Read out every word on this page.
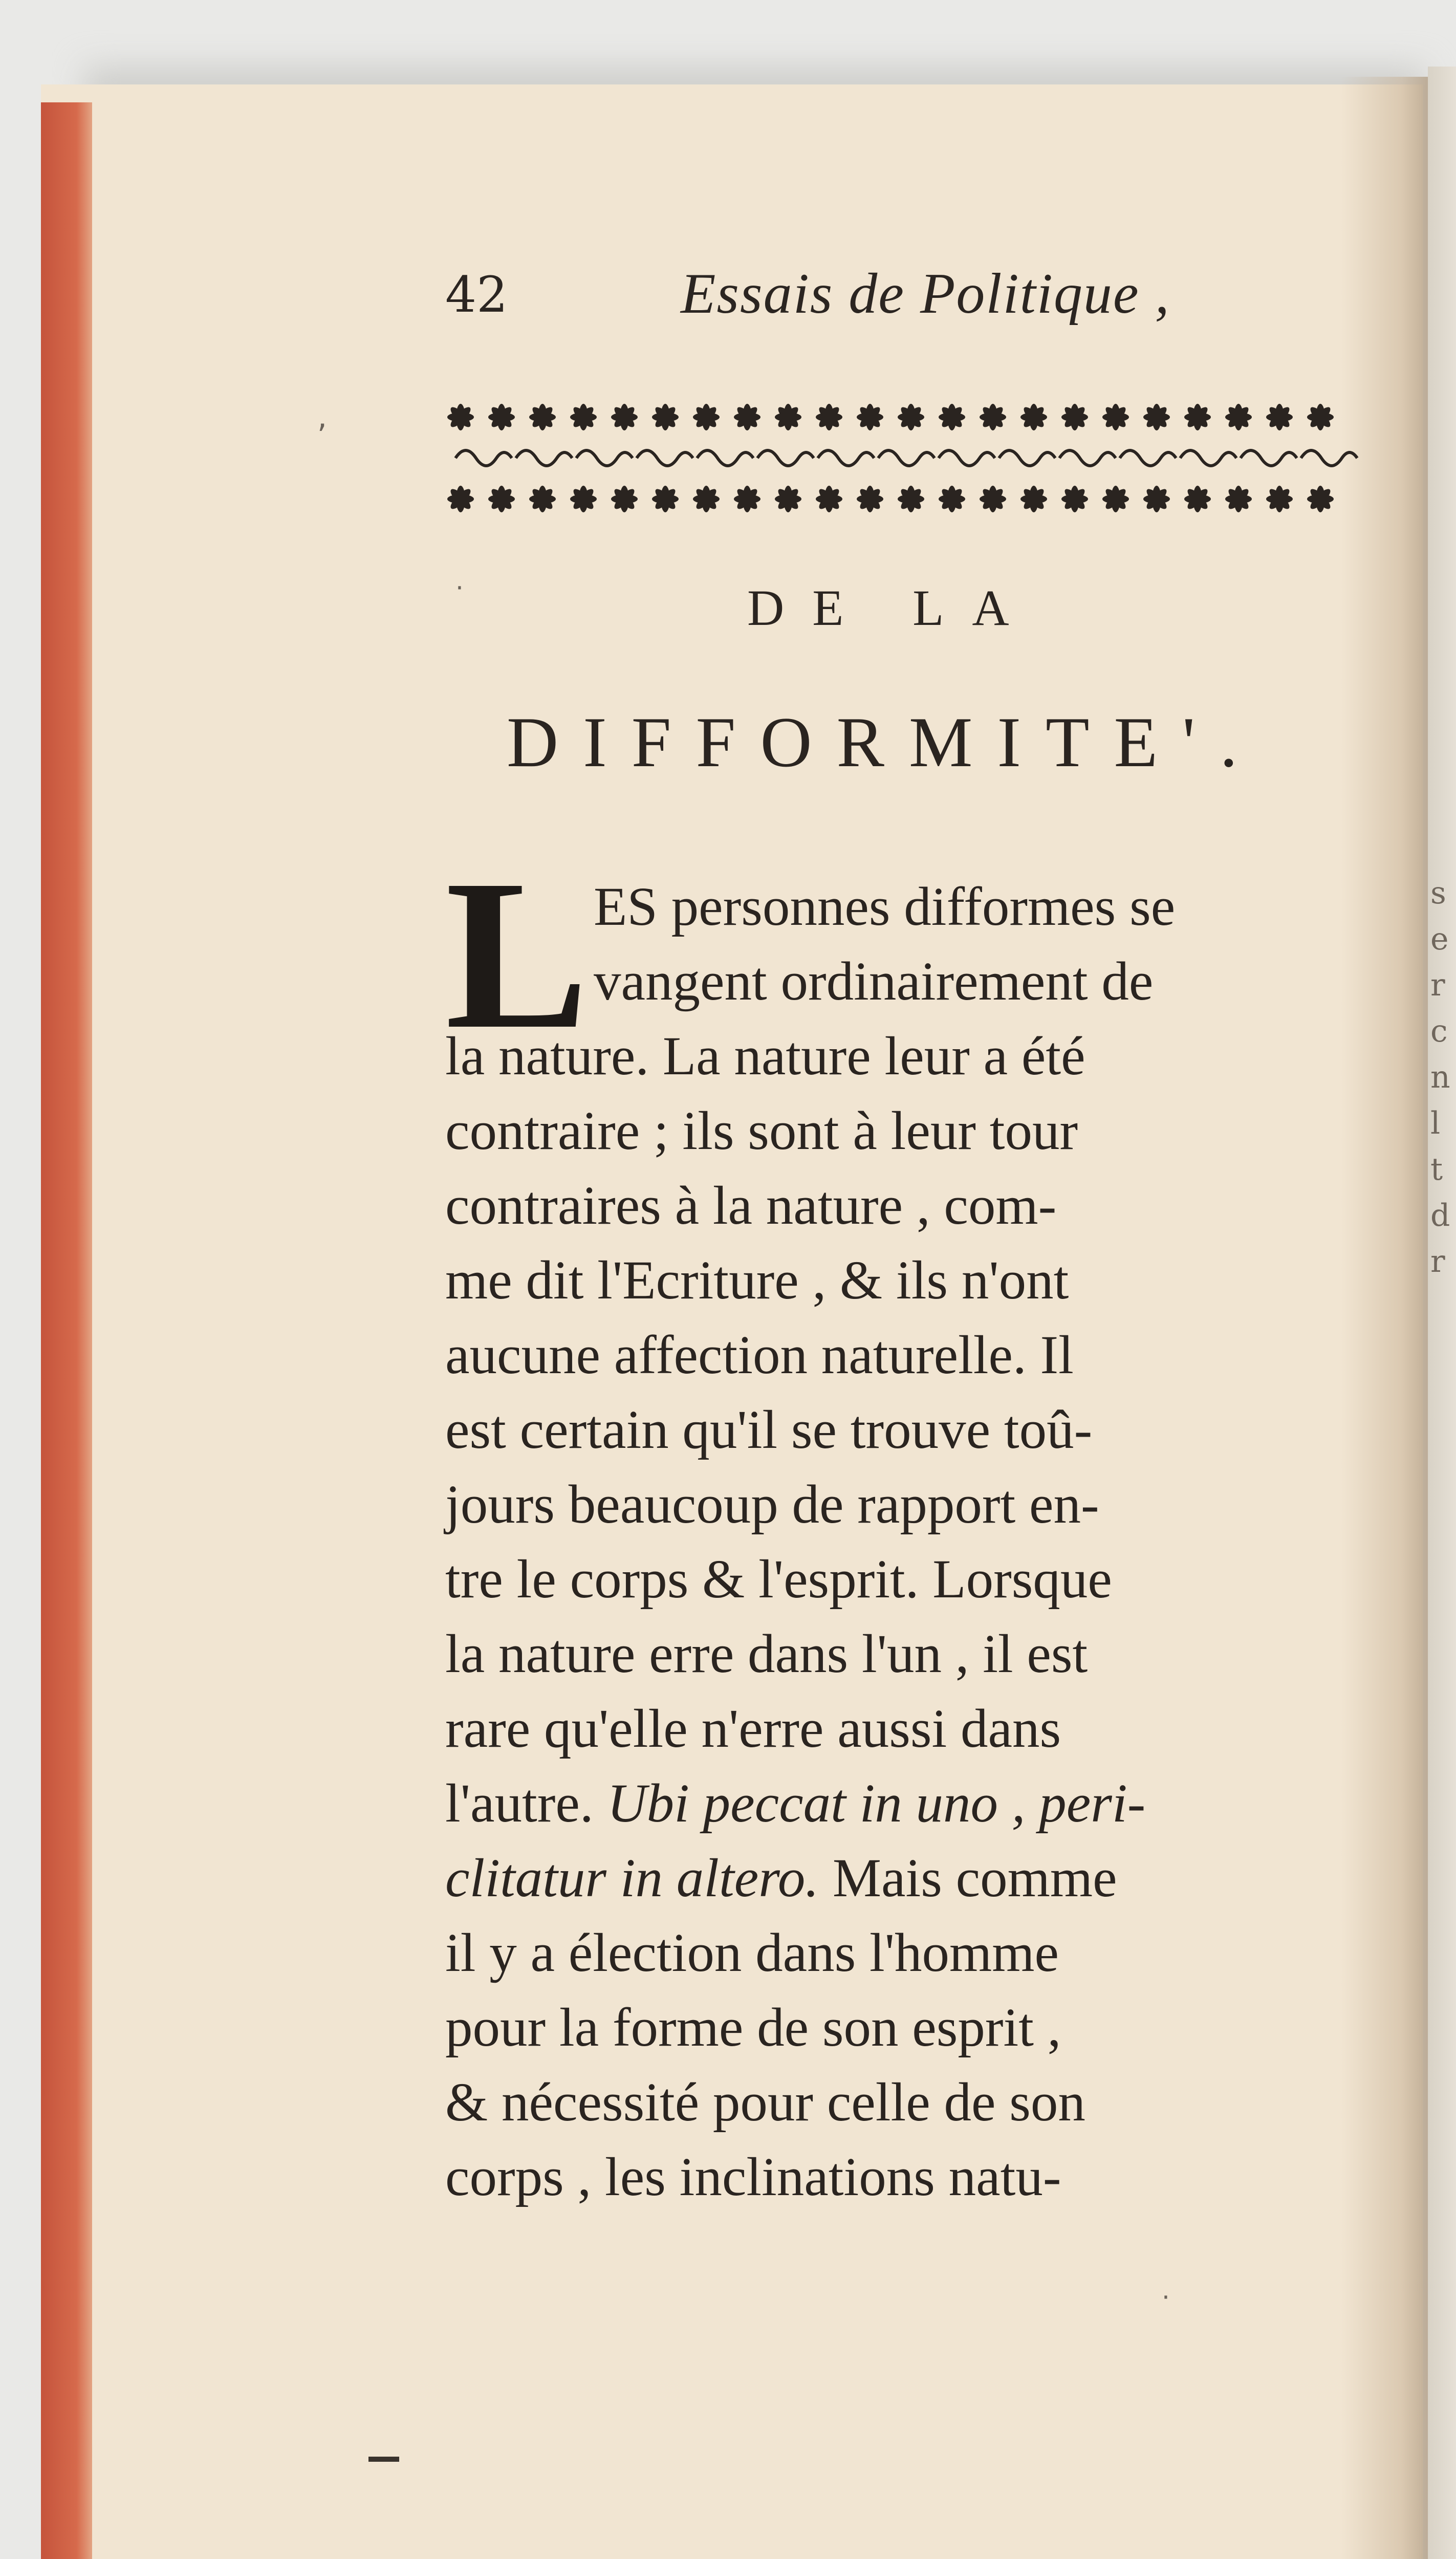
s e r c n l t d r
42	Essais de Politique ,
DE LA
DIFFORMITE'.
L ES personnes difformes se
vangent ordinairement de
la nature. La nature leur a été
contraire ; ils sont à leur tour
contraires à la nature , com-
me dit l'Ecriture , & ils n'ont
aucune affection naturelle. Il
est certain qu'il se trouve toû-
jours beaucoup de rapport en-
tre le corps & l'esprit. Lorsque
la nature erre dans l'un , il est
rare qu'elle n'erre aussi dans
l'autre. Ubi peccat in uno , peri-
clitatur in altero. Mais comme
il y a élection dans l'homme
pour la forme de son esprit ,
& nécessité pour celle de son
corps , les inclinations natu-
,
·
·
